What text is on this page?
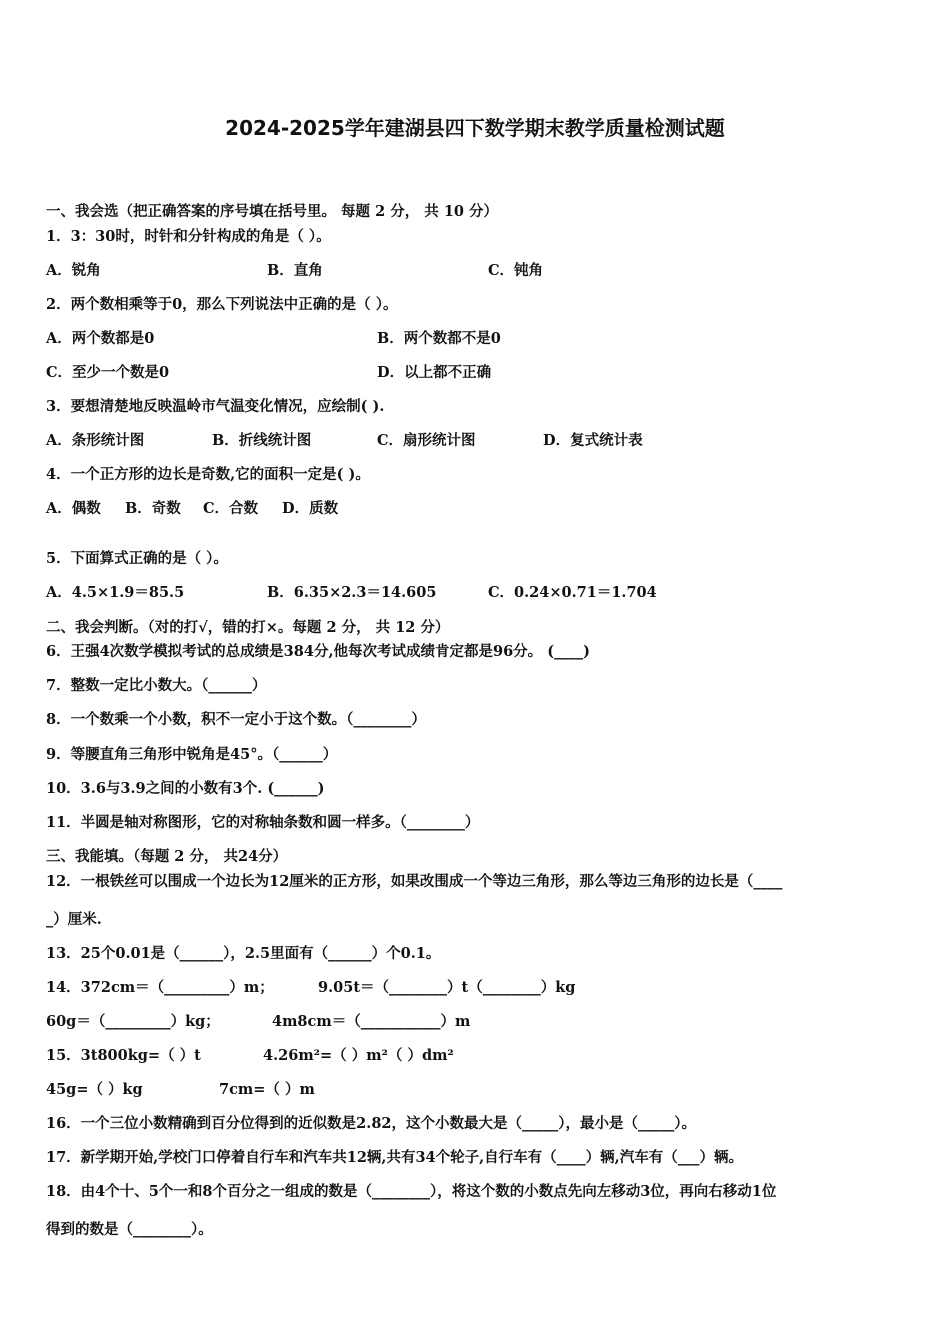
2024-2025学年建湖县四下数学期末教学质量检测试题
一、我会选（把正确答案的序号填在括号里。 每题 2 分， 共 10 分）
1．3：30时，时针和分针构成的角是（ ）。
A．锐角	B．直角	C．钝角
2．两个数相乘等于0，那么下列说法中正确的是（ ）。
A．两个数都是0	B．两个数都不是0
C．至少一个数是0	D．以上都不正确
3．要想清楚地反映温岭市气温变化情况，应绘制( ).
A．条形统计图	B．折线统计图	C．扇形统计图	D．复式统计表
4．一个正方形的边长是奇数,它的面积一定是( )。
A．偶数 B．奇数 C．合数 D．质数
5．下面算式正确的是（ ）。
A．4.5×1.9＝85.5	B．6.35×2.3＝14.605	C．0.24×0.71＝1.704
二、我会判断。（对的打√，错的打×。每题 2 分， 共 12 分）
6．王强4次数学模拟考试的总成绩是384分,他每次考试成绩肯定都是96分。 (____)
7．整数一定比小数大。（______）
8．一个数乘一个小数，积不一定小于这个数。（________）
9．等腰直角三角形中锐角是45°。（______）
10．3.6与3.9之间的小数有3个. (______)
11．半圆是轴对称图形，它的对称轴条数和圆一样多。（________）
三、我能填。（每题 2 分， 共24分）
12．一根铁丝可以围成一个边长为12厘米的正方形，如果改围成一个等边三角形，那么等边三角形的边长是（____
_）厘米.
13．25个0.01是（______），2.5里面有（______）个0.1。
14．372cm＝（_________）m；	9.05t＝（________）t（________）kg
60g＝（_________）kg；	4m8cm＝（___________）m
15．3t800kg=（ ）t	4.26m²=（ ）m²（ ）dm²
45g=（ ）kg	7cm=（ ）m
16．一个三位小数精确到百分位得到的近似数是2.82，这个小数最大是（_____），最小是（_____）。
17．新学期开始,学校门口停着自行车和汽车共12辆,共有34个轮子,自行车有（____）辆,汽车有（___）辆。
18．由4个十、5个一和8个百分之一组成的数是（________），将这个数的小数点先向左移动3位，再向右移动1位
得到的数是（________）。
